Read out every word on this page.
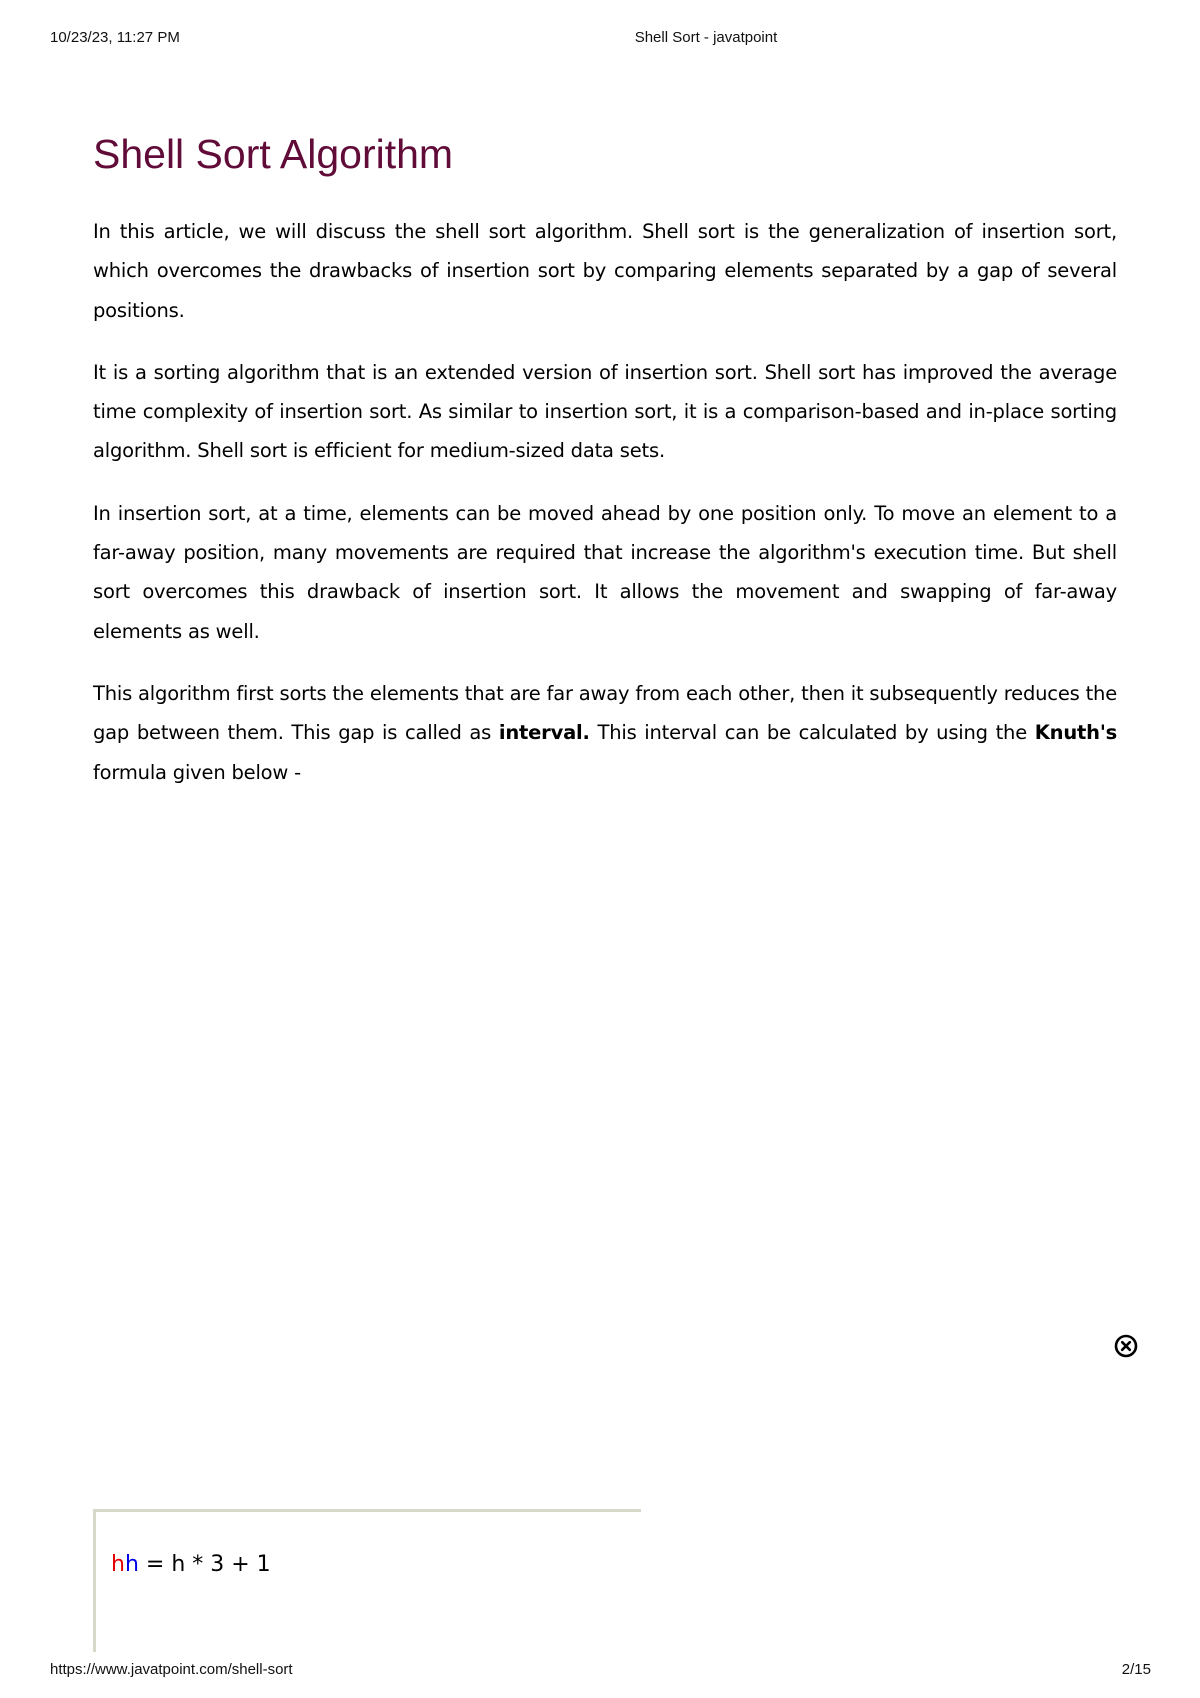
10/23/23, 11:27 PM	Shell Sort - javatpoint
Shell Sort Algorithm

In this article, we will discuss the shell sort algorithm. Shell sort is the generalization of insertion sort, which overcomes the drawbacks of insertion sort by comparing elements separated by a gap of several positions.

It is a sorting algorithm that is an extended version of insertion sort. Shell sort has improved the average time complexity of insertion sort. As similar to insertion sort, it is a comparison-based and in-place sorting algorithm. Shell sort is efficient for medium-sized data sets.

In insertion sort, at a time, elements can be moved ahead by one position only. To move an element to a far-away position, many movements are required that increase the algorithm's execution time. But shell sort overcomes this drawback of insertion sort. It allows the movement and swapping of far-away elements as well.

This algorithm first sorts the elements that are far away from each other, then it subsequently reduces the gap between them. This gap is called as interval. This interval can be calculated by using the Knuth's formula given below -

hh = h * 3 + 1
https://www.javatpoint.com/shell-sort	2/15
